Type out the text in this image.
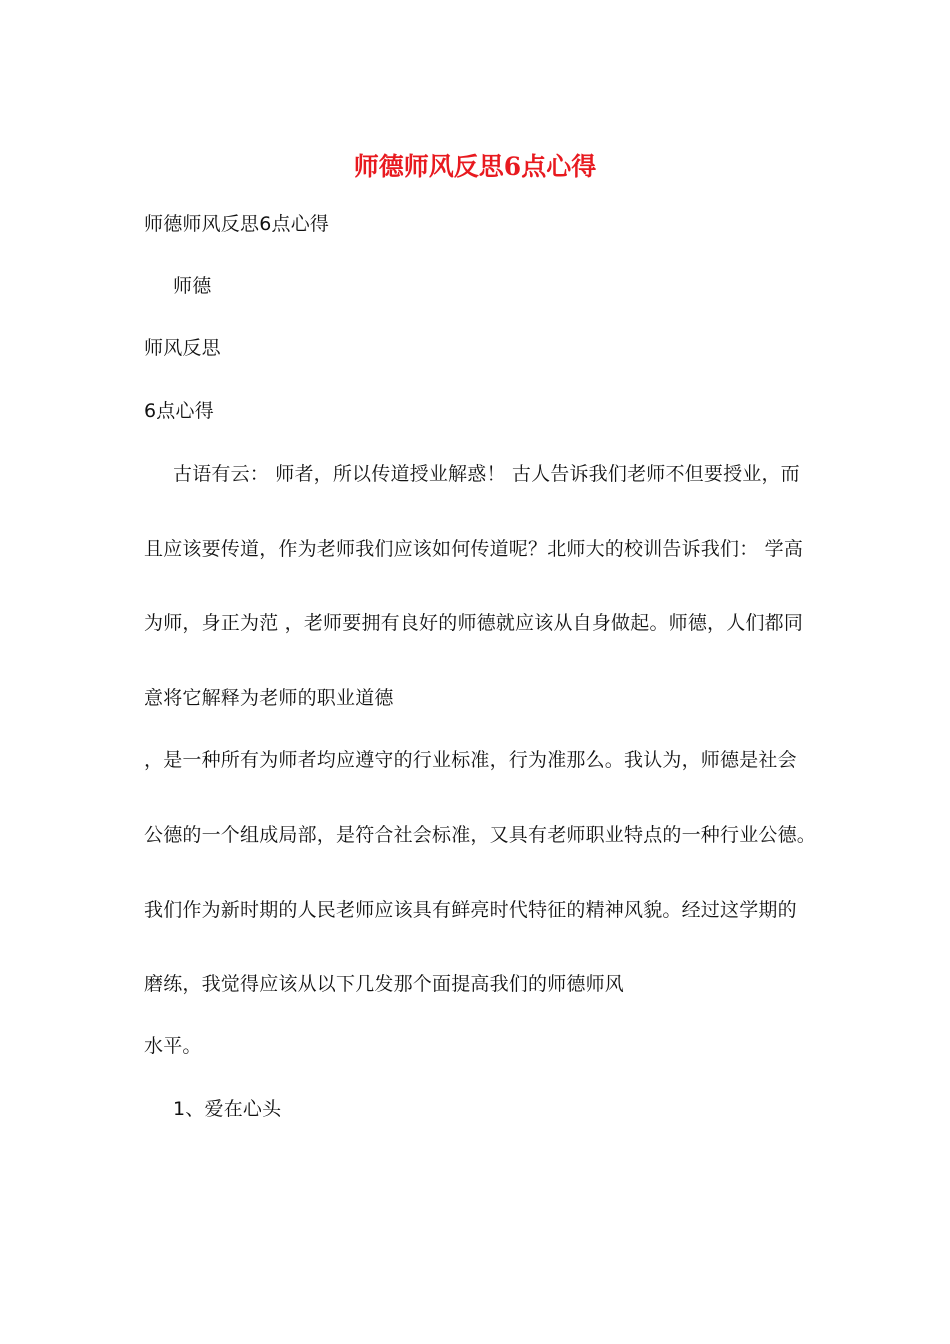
师德师风反思6点心得
师德师风反思6点心得
师德
师风反思
6点心得
古语有云： 师者，所以传道授业解惑！ 古人告诉我们老师不但要授业，而
且应该要传道，作为老师我们应该如何传道呢？北师大的校训告诉我们： 学高
为师，身正为范 ，老师要拥有良好的师德就应该从自身做起。师德，人们都同
意将它解释为老师的职业道德
，是一种所有为师者均应遵守的行业标准，行为准那么。我认为，师德是社会
公德的一个组成局部，是符合社会标准，又具有老师职业特点的一种行业公德。
我们作为新时期的人民老师应该具有鲜亮时代特征的精神风貌。经过这学期的
磨练，我觉得应该从以下几发那个面提高我们的师德师风
水平。
1、爱在心头
